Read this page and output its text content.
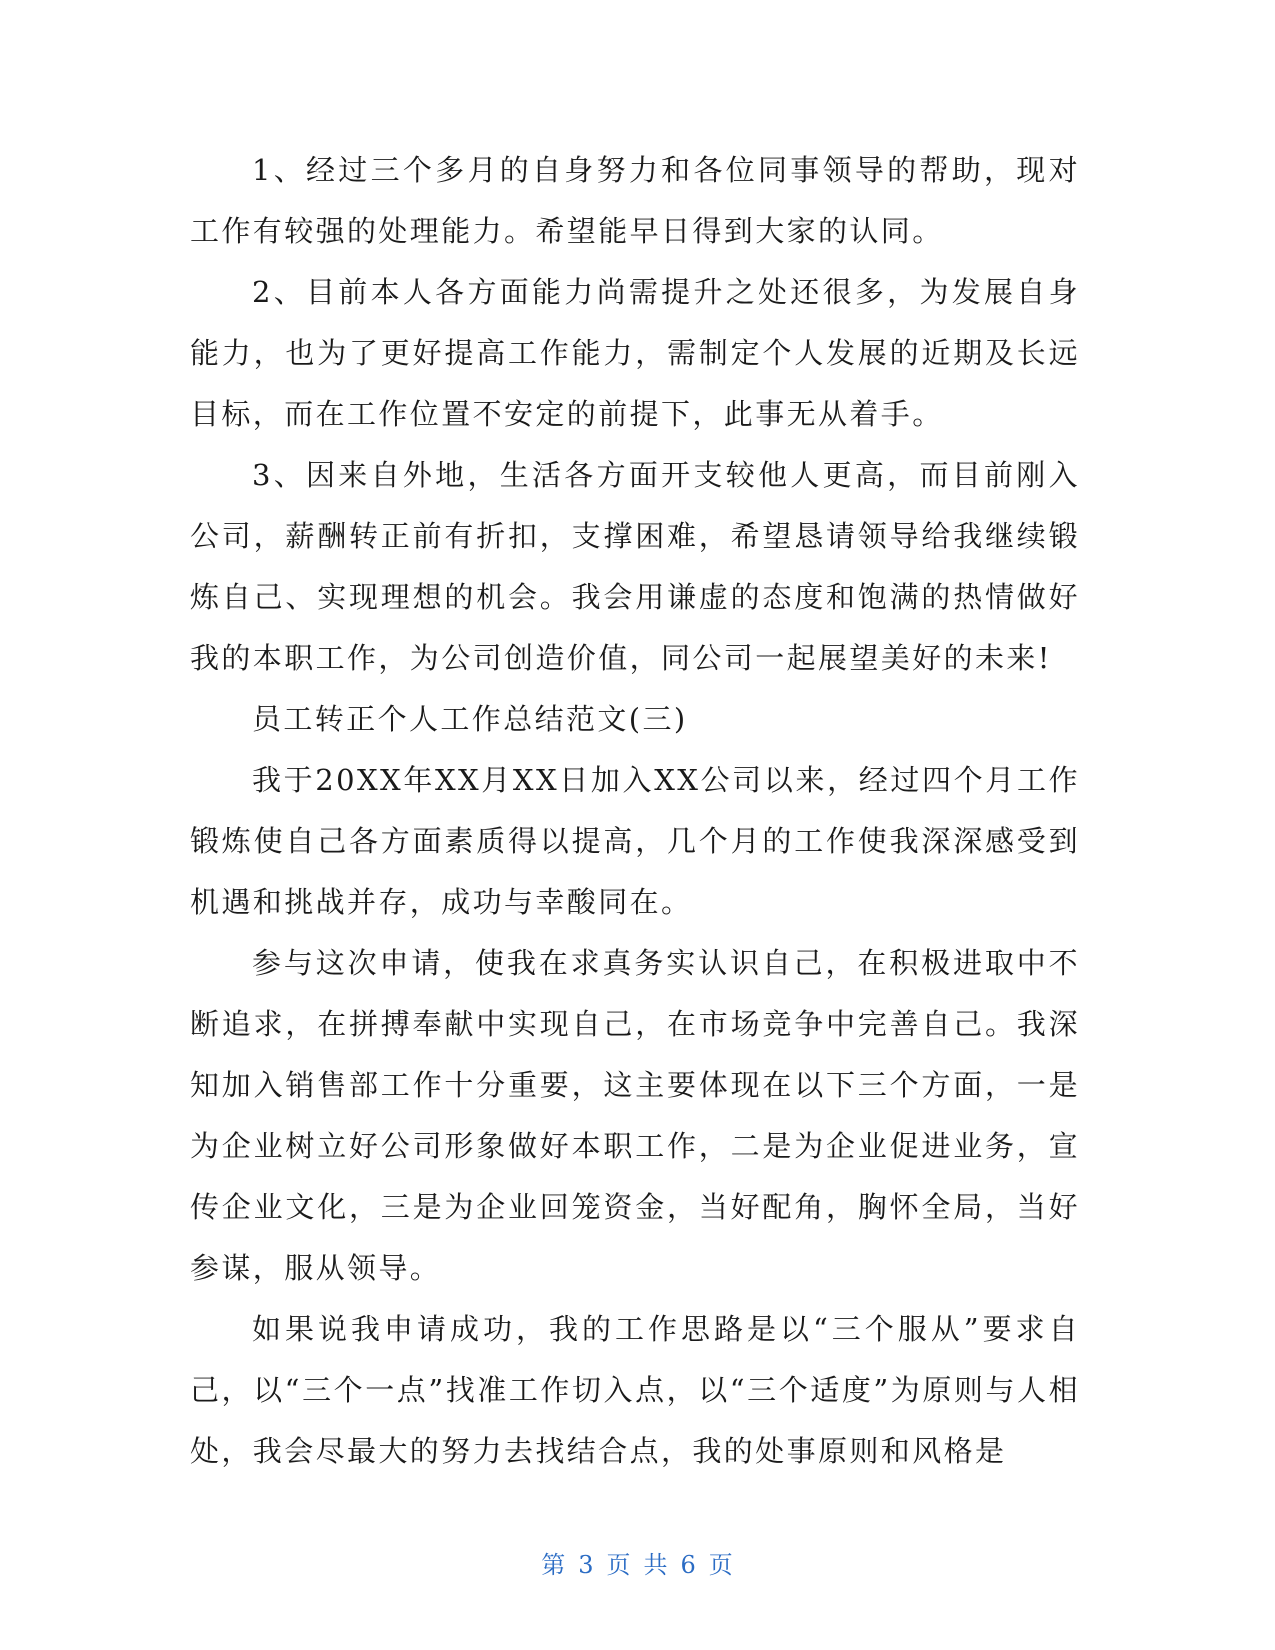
1、经过三个多月的自身努力和各位同事领导的帮助，现对工作有较强的处理能力。希望能早日得到大家的认同。

2、目前本人各方面能力尚需提升之处还很多，为发展自身能力，也为了更好提高工作能力，需制定个人发展的近期及长远目标，而在工作位置不安定的前提下，此事无从着手。

3、因来自外地，生活各方面开支较他人更高，而目前刚入公司，薪酬转正前有折扣，支撑困难，希望恳请领导给我继续锻炼自己、实现理想的机会。我会用谦虚的态度和饱满的热情做好我的本职工作，为公司创造价值，同公司一起展望美好的未来!

员工转正个人工作总结范文(三)

我于20XX年XX月XX日加入XX公司以来，经过四个月工作锻炼使自己各方面素质得以提高，几个月的工作使我深深感受到机遇和挑战并存，成功与幸酸同在。

参与这次申请，使我在求真务实认识自己，在积极进取中不断追求，在拼搏奉献中实现自己，在市场竞争中完善自己。我深知加入销售部工作十分重要，这主要体现在以下三个方面，一是为企业树立好公司形象做好本职工作，二是为企业促进业务，宣传企业文化，三是为企业回笼资金，当好配角，胸怀全局，当好参谋，服从领导。

如果说我申请成功，我的工作思路是以“三个服从”要求自己，以“三个一点”找准工作切入点，以“三个适度”为原则与人相处，我会尽最大的努力去找结合点，我的处事原则和风格是

第 3 页 共 6 页
